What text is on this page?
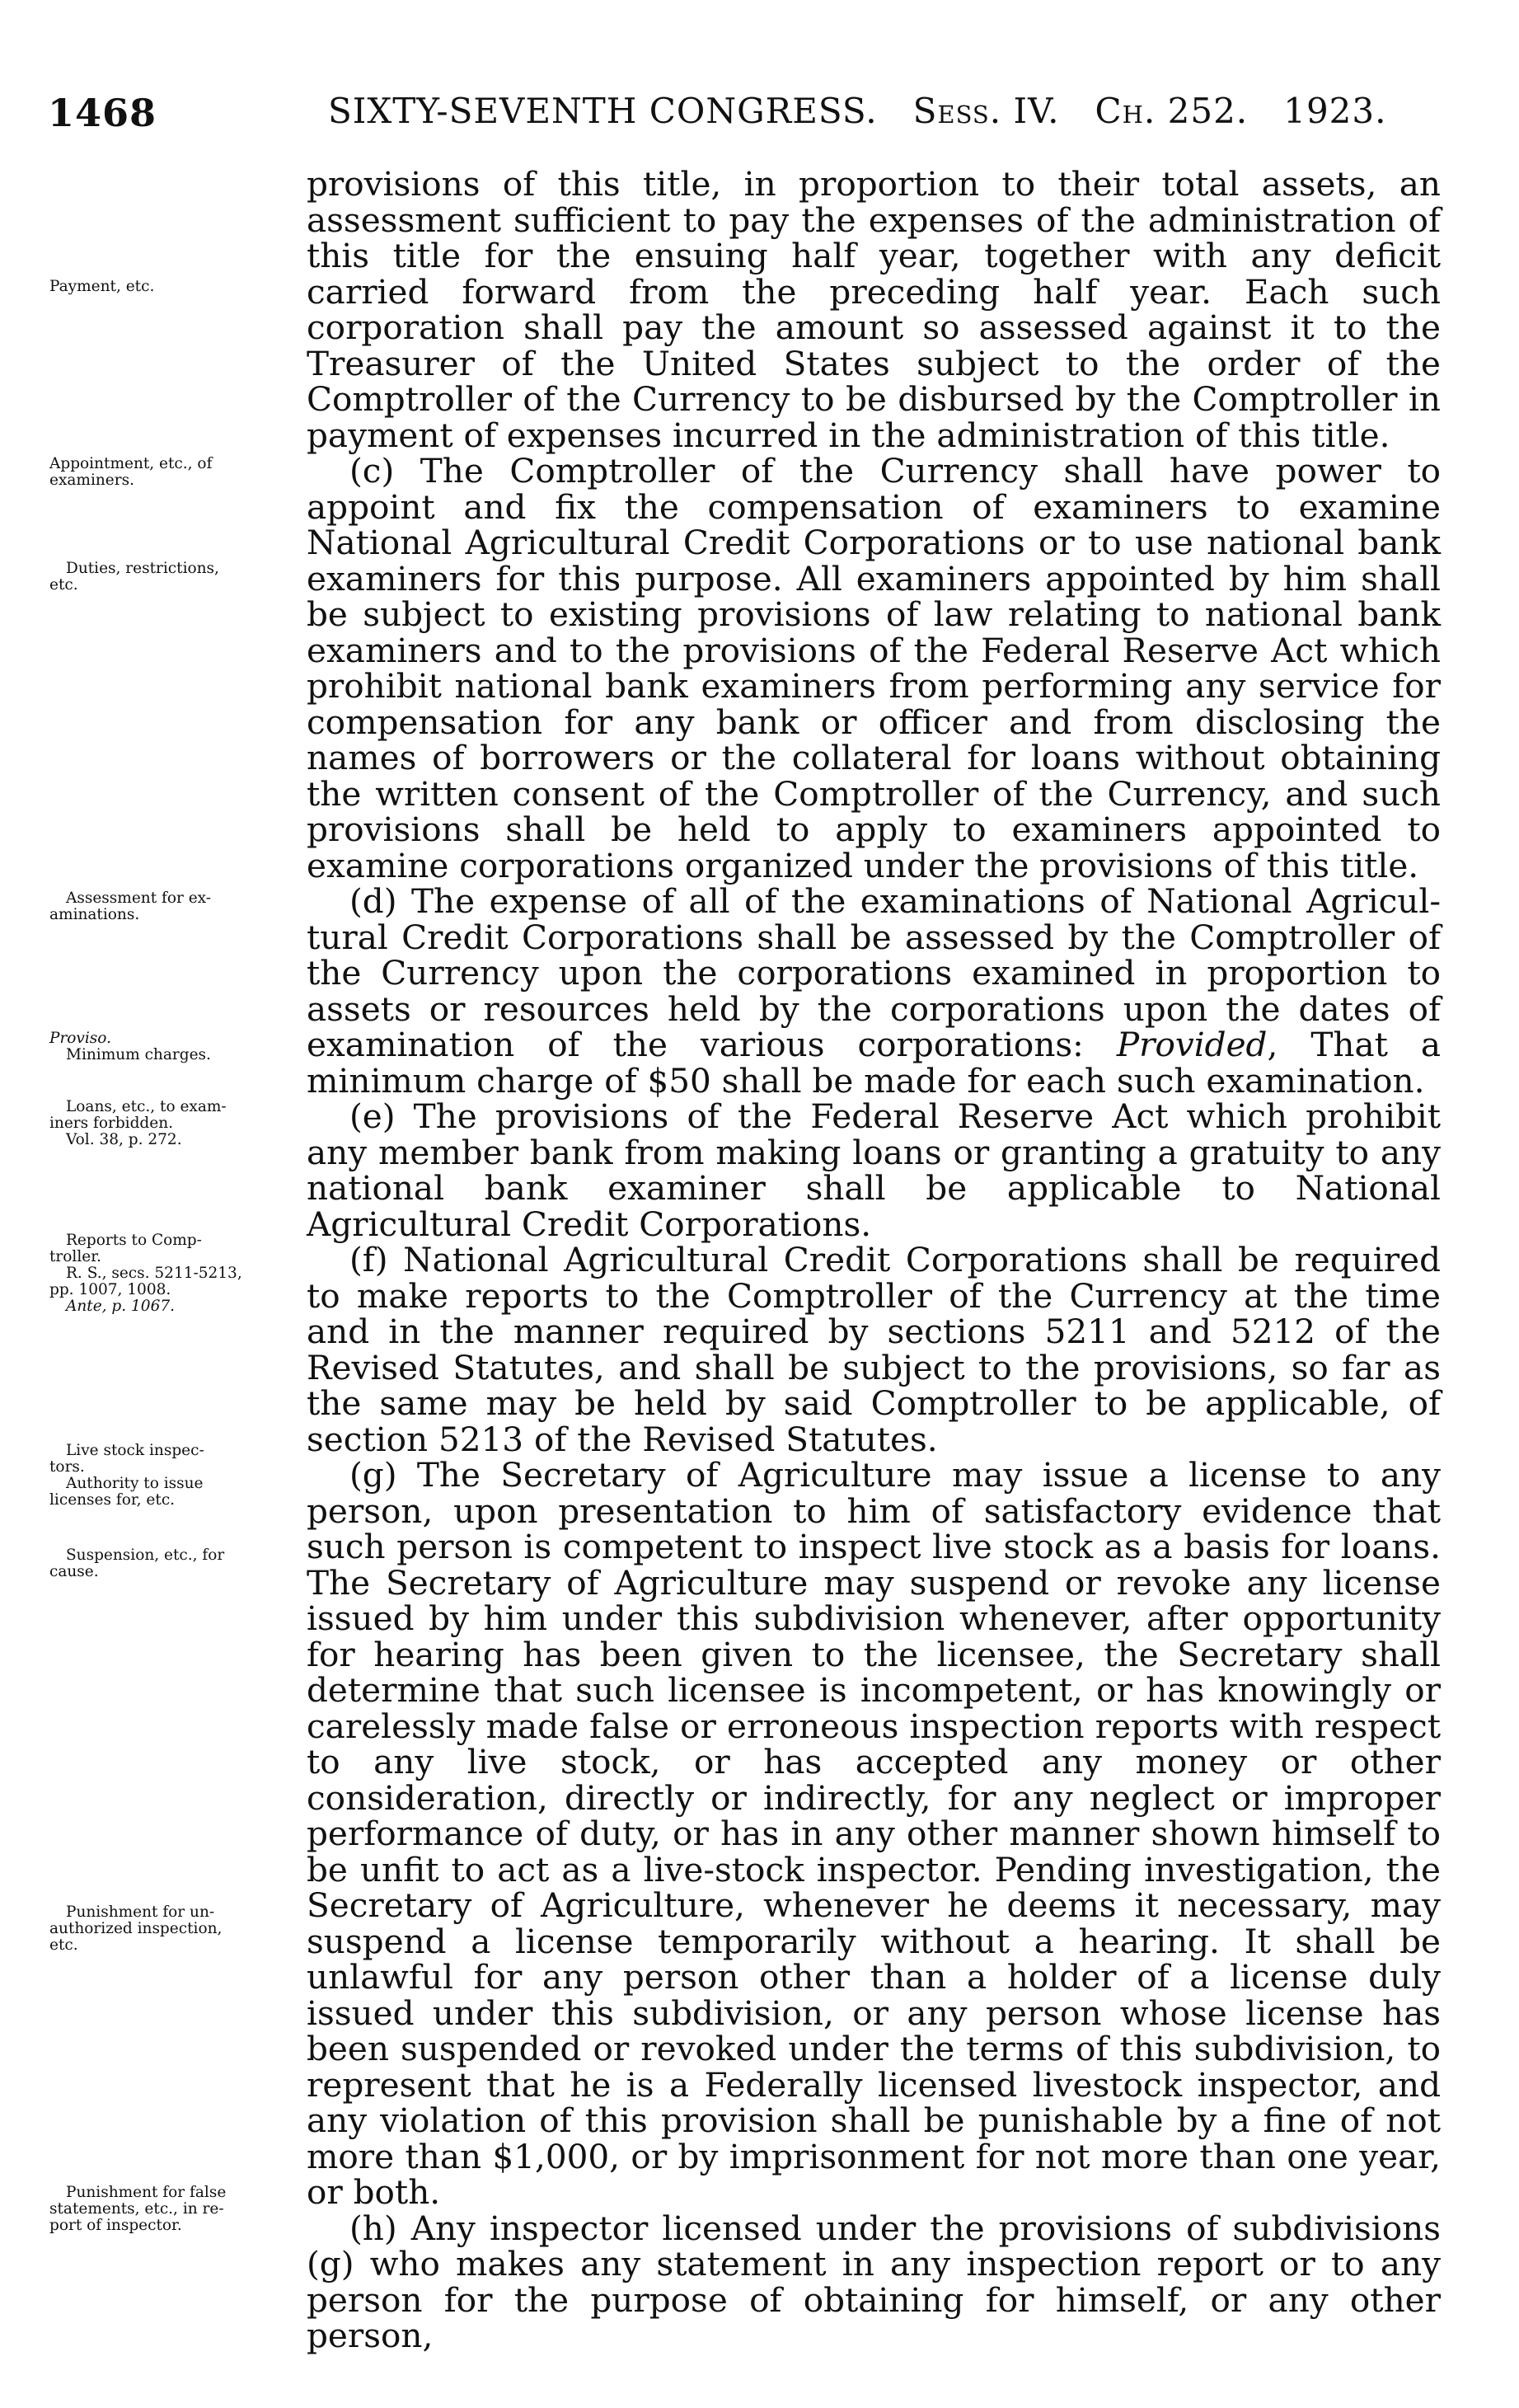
1468	SIXTY-SEVENTH CONGRESS. Sess. IV. Ch. 252. 1923.
Payment, etc.
Appointment, etc., of
examiners.
Duties, restrictions,
etc.
Assessment for ex-
aminations.
Proviso.
Minimum charges.
Loans, etc., to exam-
iners forbidden.
Vol. 38, p. 272.
Reports to Comp-
troller.
R. S., secs. 5211-5213,
pp. 1007, 1008.
Ante, p. 1067.
Live stock inspec-
tors.
Authority to issue
licenses for, etc.
Suspension, etc., for
cause.
Punishment for un-
authorized inspection,
etc.
Punishment for false
statements, etc., in re-
port of inspector.

provisions of this title, in proportion to their total assets, an assessment sufficient to pay the expenses of the administration of this title for the ensuing half year, together with any deficit carried forward from the preceding half year. Each such corporation shall pay the amount so assessed against it to the Treasurer of the United States subject to the order of the Comptroller of the Currency to be disbursed by the Comptroller in payment of expenses incurred in the administration of this title.

(c) The Comptroller of the Currency shall have power to appoint and fix the compensation of examiners to examine National Agricultural Credit Corporations or to use national bank examiners for this purpose. All examiners appointed by him shall be subject to existing provisions of law relating to national bank examiners and to the provisions of the Federal Reserve Act which prohibit national bank examiners from performing any service for compensation for any bank or officer and from disclosing the names of borrowers or the collateral for loans without obtaining the written consent of the Comptroller of the Currency, and such provisions shall be held to apply to examiners appointed to examine corporations organized under the provisions of this title.

(d) The expense of all of the examinations of National Agricultural Credit Corporations shall be assessed by the Comptroller of the Currency upon the corporations examined in proportion to assets or resources held by the corporations upon the dates of examination of the various corporations: Provided, That a minimum charge of $50 shall be made for each such examination.

(e) The provisions of the Federal Reserve Act which prohibit any member bank from making loans or granting a gratuity to any national bank examiner shall be applicable to National Agricultural Credit Corporations.

(f) National Agricultural Credit Corporations shall be required to make reports to the Comptroller of the Currency at the time and in the manner required by sections 5211 and 5212 of the Revised Statutes, and shall be subject to the provisions, so far as the same may be held by said Comptroller to be applicable, of section 5213 of the Revised Statutes.

(g) The Secretary of Agriculture may issue a license to any person, upon presentation to him of satisfactory evidence that such person is competent to inspect live stock as a basis for loans. The Secretary of Agriculture may suspend or revoke any license issued by him under this subdivision whenever, after opportunity for hearing has been given to the licensee, the Secretary shall determine that such licensee is incompetent, or has knowingly or carelessly made false or erroneous inspection reports with respect to any live stock, or has accepted any money or other consideration, directly or indirectly, for any neglect or improper performance of duty, or has in any other manner shown himself to be unfit to act as a live-stock inspector. Pending investigation, the Secretary of Agriculture, whenever he deems it necessary, may suspend a license temporarily without a hearing. It shall be unlawful for any person other than a holder of a license duly issued under this subdivision, or any person whose license has been suspended or revoked under the terms of this subdivision, to represent that he is a Federally licensed livestock inspector, and any violation of this provision shall be punishable by a fine of not more than $1,000, or by imprisonment for not more than one year, or both.

(h) Any inspector licensed under the provisions of subdivisions (g) who makes any statement in any inspection report or to any person for the purpose of obtaining for himself, or any other person,
